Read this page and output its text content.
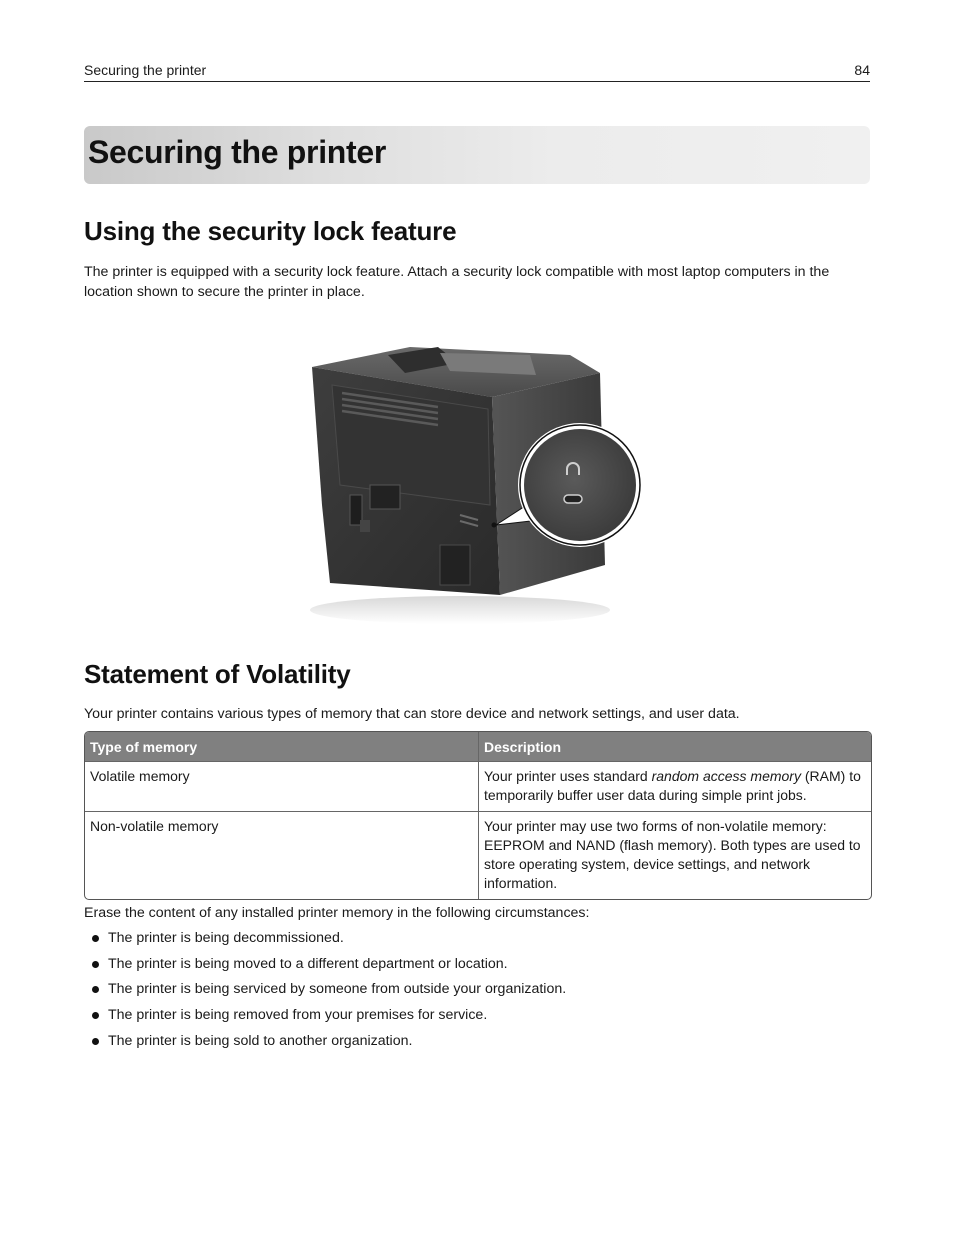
Securing the printer	84
Securing the printer
Using the security lock feature

The printer is equipped with a security lock feature. Attach a security lock compatible with most laptop computers in the location shown to secure the printer in place.

Statement of Volatility

Your printer contains various types of memory that can store device and network settings, and user data.

Type of memory	Description
Volatile memory	Your printer uses standard random access memory (RAM) to temporarily buffer user data during simple print jobs.
Non-volatile memory	Your printer may use two forms of non-volatile memory: EEPROM and NAND (flash memory). Both types are used to store operating system, device settings, and network information.

Erase the content of any installed printer memory in the following circumstances:

The printer is being decommissioned.
The printer is being moved to a different department or location.
The printer is being serviced by someone from outside your organization.
The printer is being removed from your premises for service.
The printer is being sold to another organization.
